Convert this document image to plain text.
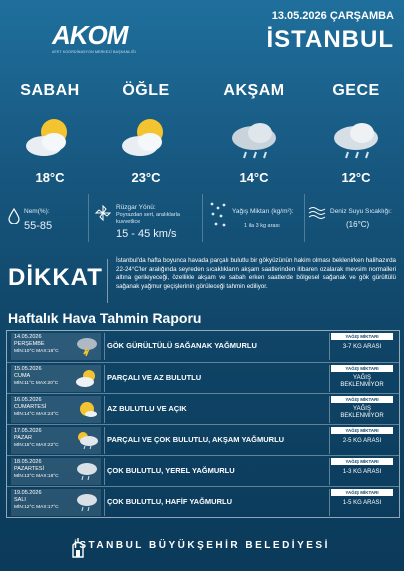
AKOM
AFET KOORDİNASYON MERKEZİ BAŞKANLIĞI
13.05.2026 ÇARŞAMBA
İSTANBUL
SABAH
18°C
ÖĞLE
23°C
AKŞAM
14°C
GECE
12°C
Nem(%):
55-85
Rüzgar Yönü:
Poyrazdan sert, aralıklarla kuvvetlice
15 - 45 km/s
Yağış Miktarı (kg/m²):
1 ila 3 kg arası
Deniz Suyu Sıcaklığı:
(16°C)
DİKKAT
İstanbul'da hafta boyunca havada parçalı bulutlu bir gökyüzünün hakim olması beklenirken halihazırda 22-24°C'ler aralığında seyreden sıcaklıkların akşam saatlerinden itibaren ozalarak mevsim normalleri altına gerileyeceği, özellikle akşam ve sabah erken saatlerde bölgesel sağanak ve gök gürültülü sağanak yağmur geçişlerinin görüleceği tahmin ediliyor.
Haftalık Hava Tahmin Raporu
14.05.2026
PERŞEMBE
MİN:10°C MAX:16°C
GÖK GÜRÜLTÜLÜ SAĞANAK YAĞMURLU
YAĞIŞ MİKTARI
3-7 KG ARASI
15.05.2026
CUMA
MİN:11°C MAX:20°C
PARÇALI VE AZ BULUTLU
YAĞIŞ MİKTARI
YAĞIŞ BEKLENMİYOR
16.05.2026
CUMARTESİ
MİN:14°C MAX:24°C
AZ BULUTLU VE AÇIK
YAĞIŞ MİKTARI
YAĞIŞ BEKLENMİYOR
17.05.2026
PAZAR
MİN:15°C MAX:22°C
PARÇALI VE ÇOK BULUTLU, AKŞAM YAĞMURLU
YAĞIŞ MİKTARI
2-5 KG ARASI
18.05.2026
PAZARTESİ
MİN:13°C MAX:18°C
ÇOK BULUTLU, YEREL YAĞMURLU
YAĞIŞ MİKTARI
1-3 KG ARASI
19.05.2026
SALI
MİN:12°C MAX:17°C
ÇOK BULUTLU, HAFİF YAĞMURLU
YAĞIŞ MİKTARI
1-5 KG ARASI
İSTANBUL BÜYÜKŞEHİR BELEDİYESİ
